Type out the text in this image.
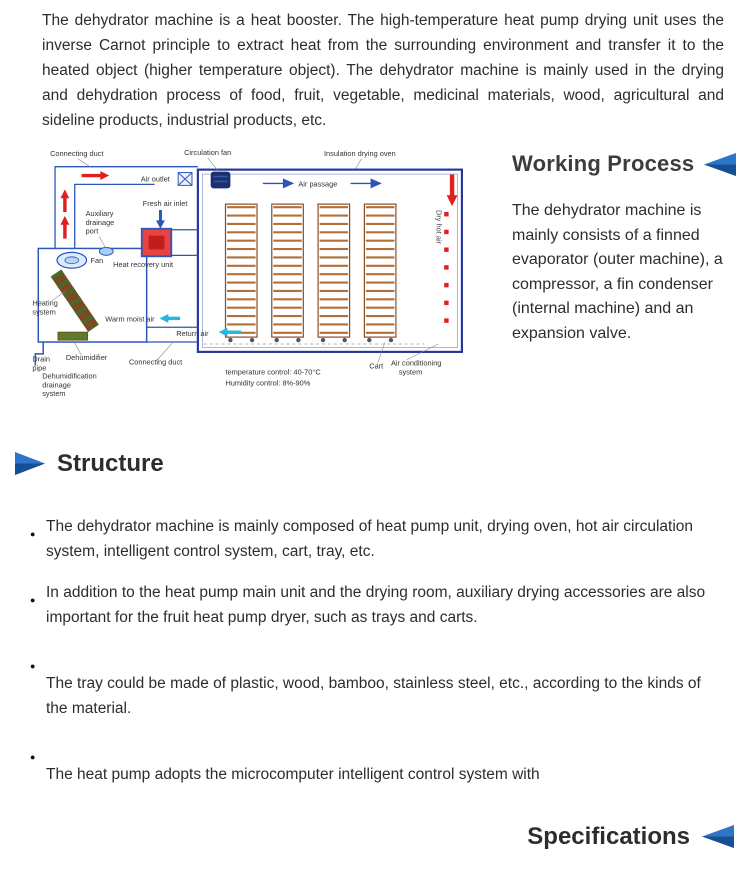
The dehydrator machine is a heat booster. The high-temperature heat pump drying unit uses the inverse Carnot principle to extract heat from the surrounding environment and transfer it to the heated object (higher temperature object). The dehydrator machine is mainly used in the drying and dehydration process of food, fruit, vegetable, medicinal materials, wood, agricultural and sideline products, industrial products, etc.

Connecting duct	Circulation fan	Insulation drying oven
Air outlet
Air passage
Fresh air inlet
Auxiliary
drainage
port
Fan Heat recovery unit
Heating
system
Warm moist air
Return air
Dehumidifier
Connecting duct
Drain
pipe
Dehumidification
drainage
system
temperature control: 40-70°C
Humidity control: 8%-90%
Cart Air conditioning
system
Dry hot air
Working Process

The dehydrator machine is mainly consists of a finned evaporator (outer machine), a compressor, a fin condenser (internal machine) and an expansion valve.

Structure
● The dehydrator machine is mainly composed of heat pump unit, drying oven, hot air circulation system, intelligent control system, cart, tray, etc.
● In addition to the heat pump main unit and the drying room, auxiliary drying accessories are also important for the fruit heat pump dryer, such as trays and carts.
● The tray could be made of plastic, wood, bamboo, stainless steel, etc., according to the kinds of the material.
● The heat pump adopts the microcomputer intelligent control system with
Specifications
